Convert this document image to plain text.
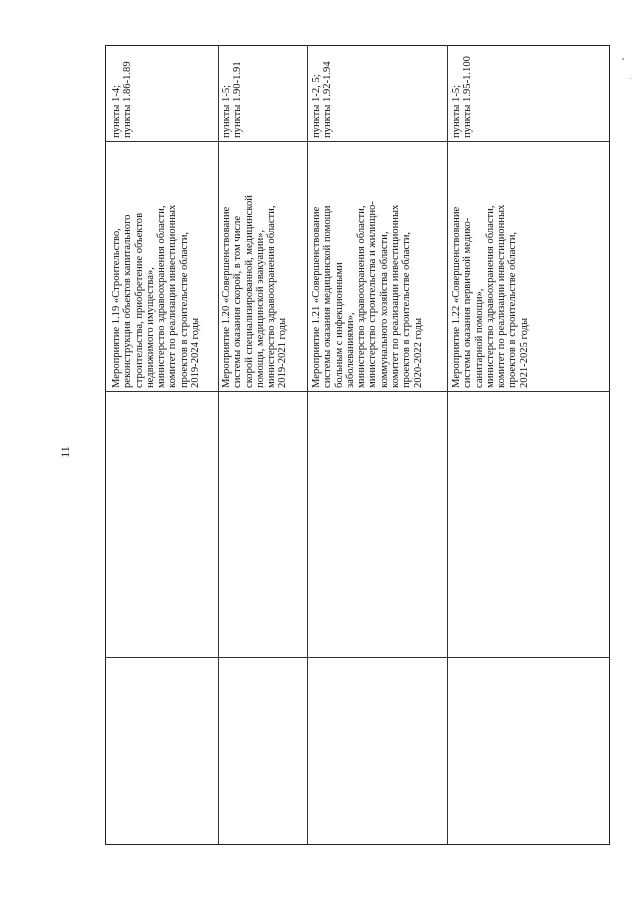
11
Мероприятие 1.19 «Строительство, реконструкция объектов капитального строительства, приобретение объектов недвижимого имущества», министерство здравоохранения области, комитет по реализации инвестиционных проектов в строительстве области, 2019-2024 годы
пункты 1-4; пункты 1.86-1.89
Мероприятие 1.20 «Совершенствование системы оказания скорой, в том числе скорой специализированной, медицинской помощи, медицинской эвакуации», министерство здравоохранения области, 2019-2021 годы
пункты 1-5; пункты 1.90-1.91
Мероприятие 1.21 «Совершенствование системы оказания медицинской помощи больным с инфекционными заболеваниями», министерство здравоохранения области, министерство строительства и жилищно- коммунального хозяйства области, комитет по реализации инвестиционных проектов в строительстве области, 2020-2022 годы
пункты 1-2, 5; пункты 1.92-1.94
Мероприятие 1.22 «Совершенствование системы оказания первичной медико- санитарной помощи», министерство здравоохранения области, комитет по реализации инвестиционных проектов в строительстве области, 2021-2025 годы
пункты 1-5; пункты 1.95-1.100
